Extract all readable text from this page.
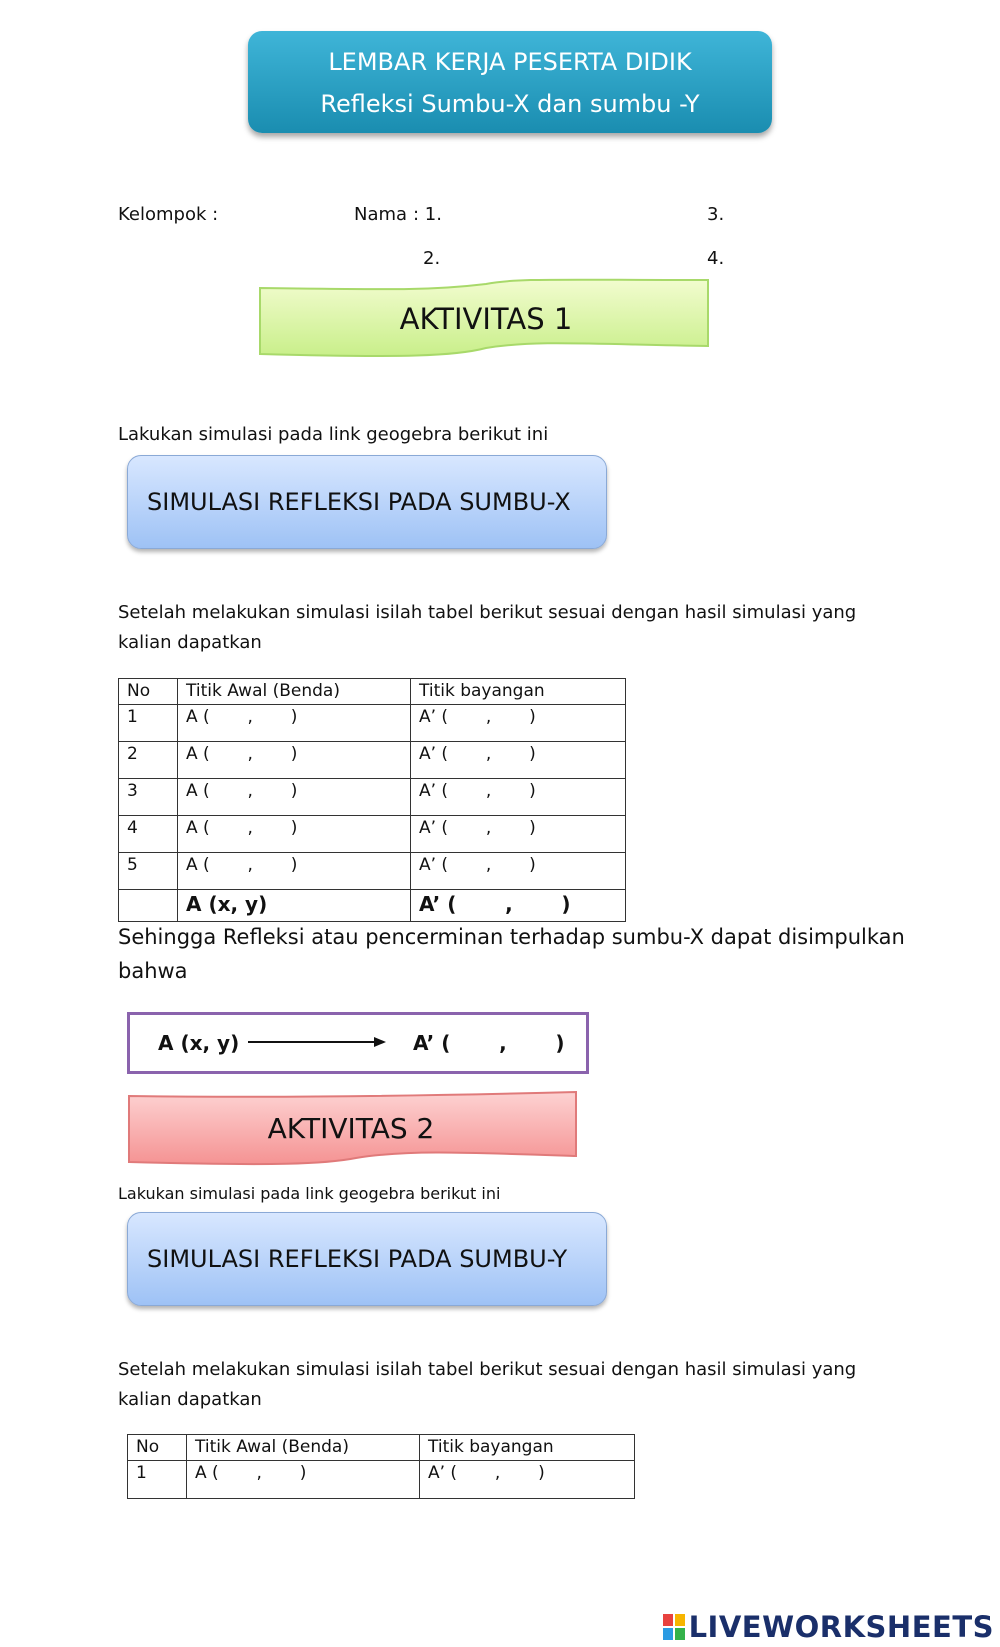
LEMBAR KERJA PESERTA DIDIK
Refleksi Sumbu-X dan sumbu -Y
Kelompok :	Nama : 1.	3.
2.	4.
AKTIVITAS 1
Lakukan simulasi pada link geogebra berikut ini
SIMULASI REFLEKSI PADA SUMBU-X
Setelah melakukan simulasi isilah tabel berikut sesuai dengan hasil simulasi yang kalian dapatkan
No	Titik Awal (Benda)	Titik bayangan
1	A (       ,       )	A’ (       ,       )
2	A (       ,       )	A’ (       ,       )
3	A (       ,       )	A’ (       ,       )
4	A (       ,       )	A’ (       ,       )
5	A (       ,       )	A’ (       ,       )
	A (x, y)	A’ (       ,       )
Sehingga Refleksi atau pencerminan terhadap sumbu-X dapat disimpulkan bahwa
A (x, y)	A’ (       ,       )
AKTIVITAS 2
Lakukan simulasi pada link geogebra berikut ini
SIMULASI REFLEKSI PADA SUMBU-Y
Setelah melakukan simulasi isilah tabel berikut sesuai dengan hasil simulasi yang kalian dapatkan
No	Titik Awal (Benda)	Titik bayangan
1	A (       ,       )	A’ (       ,       )
LIVEWORKSHEETS
